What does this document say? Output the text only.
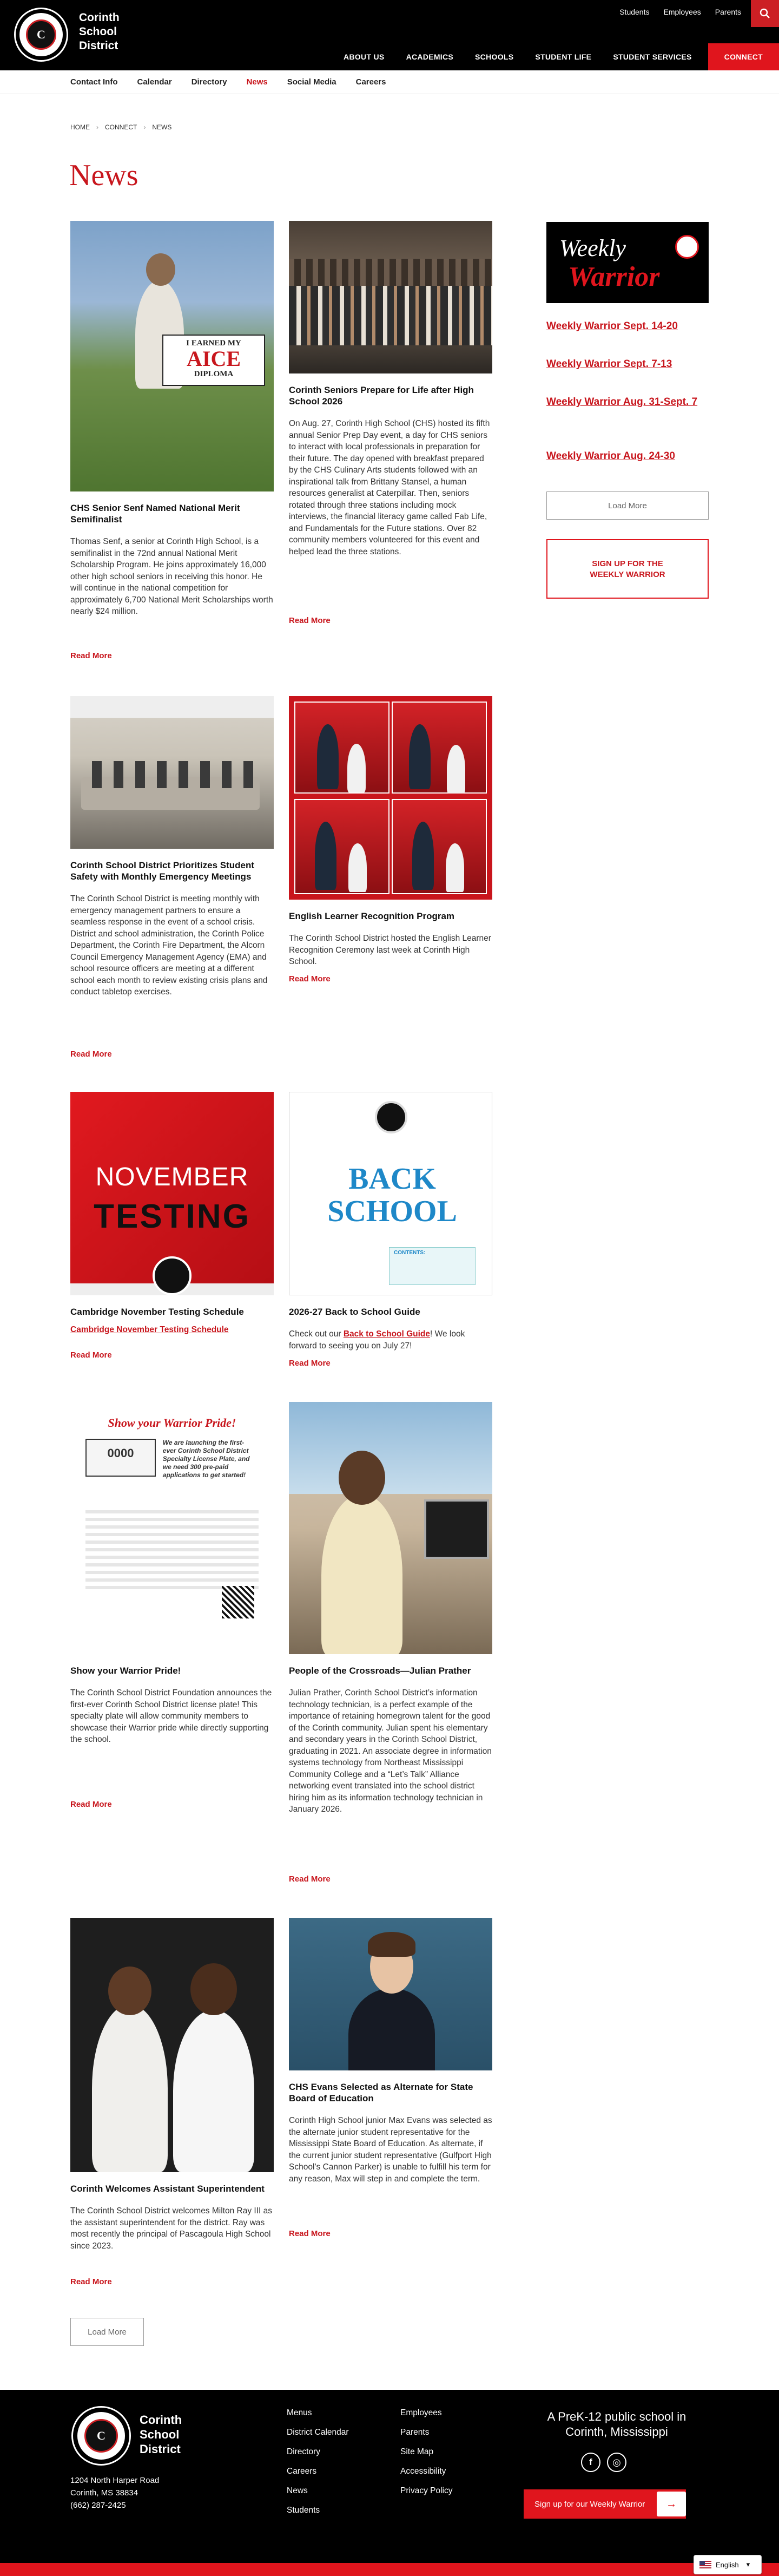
C
Corinth
School
District
Students Employees Parents
ABOUT US	ACADEMICS	SCHOOLS	STUDENT LIFE	STUDENT SERVICES	CONNECT
Contact Info Calendar Directory News Social Media Careers
HOME › CONNECT › NEWS
News
I EARNED MY
AICE
DIPLOMA
CHS Senior Senf Named National Merit Semifinalist

Thomas Senf, a senior at Corinth High School, is a semifinalist in the 72nd annual National Merit Scholarship Program. He joins approximately 16,000 other high school seniors in receiving this honor. He will continue in the national competition for approximately 6,700 National Merit Scholarships worth nearly $24 million.

Read More
Corinth Seniors Prepare for Life after High School 2026

On Aug. 27, Corinth High School (CHS) hosted its fifth annual Senior Prep Day event, a day for CHS seniors to interact with local professionals in preparation for their future. The day opened with breakfast prepared by the CHS Culinary Arts students followed with an inspirational talk from Brittany Stansel, a human resources generalist at Caterpillar. Then, seniors rotated through three stations including mock interviews, the financial literacy game called Fab Life, and Fundamentals for the Future stations. Over 82 community members volunteered for this event and helped lead the three stations.

Read More
Corinth School District Prioritizes Student Safety with Monthly Emergency Meetings

The Corinth School District is meeting monthly with emergency management partners to ensure a seamless response in the event of a school crisis. District and school administration, the Corinth Police Department, the Corinth Fire Department, the Alcorn Council Emergency Management Agency (EMA) and school resource officers are meeting at a different school each month to review existing crisis plans and conduct tabletop exercises.

Read More
English Learner Recognition Program

The Corinth School District hosted the English Learner Recognition Ceremony last week at Corinth High School.

Read More
NOVEMBER
TESTING
Cambridge November Testing Schedule
Cambridge November Testing Schedule
Read More
BACK
SCHOOL
CONTENTS:
2026-27 Back to School Guide

Check out our Back to School Guide! We look forward to seeing you on July 27!

Read More
Show your Warrior Pride!
0000 We are launching the first-ever Corinth School District Specialty License Plate, and we need 300 pre-paid applications to get started!
Show your Warrior Pride!

The Corinth School District Foundation announces the first-ever Corinth School District license plate! This specialty plate will allow community members to showcase their Warrior pride while directly supporting the school.

Read More
People of the Crossroads—Julian Prather

Julian Prather, Corinth School District’s information technology technician, is a perfect example of the importance of retaining homegrown talent for the good of the Corinth community. Julian spent his elementary and secondary years in the Corinth School District, graduating in 2021. An associate degree in information systems technology from Northeast Mississippi Community College and a “Let’s Talk” Alliance networking event translated into the school district hiring him as its information technology technician in January 2026.

Read More
Corinth Welcomes Assistant Superintendent

The Corinth School District welcomes Milton Ray III as the assistant superintendent for the district. Ray was most recently the principal of Pascagoula High School since 2023.

Read More
CHS Evans Selected as Alternate for State Board of Education

Corinth High School junior Max Evans was selected as the alternate junior student representative for the Mississippi State Board of Education. As alternate, if the current junior student representative (Gulfport High School’s Cannon Parker) is unable to fulfill his term for any reason, Max will step in and complete the term.

Read More
Load More
Weekly
Warrior
Weekly Warrior Sept. 14-20
Weekly Warrior Sept. 7-13
Weekly Warrior Aug. 31-Sept. 7
Weekly Warrior Aug. 24-30
Load More
SIGN UP FOR THE
WEEKLY WARRIOR
C
Corinth
School
District
1204 North Harper Road
Corinth, MS 38834
(662) 287-2425
Menus
District Calendar
Directory
Careers
News
Students
Employees
Parents
Site Map
Accessibility
Privacy Policy
A PreK-12 public school in
Corinth, Mississippi
f	◎
Sign up for our Weekly Warrior	→
English ▾
